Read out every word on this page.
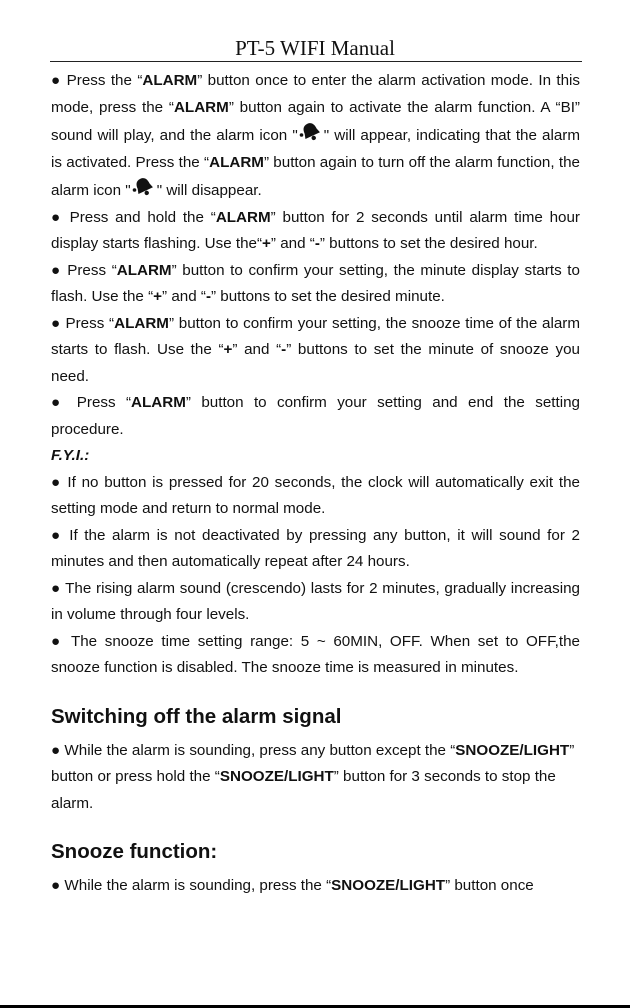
PT-5 WIFI Manual

● Press the “ALARM” button once to enter the alarm activation mode. In this mode, press the “ALARM” button again to activate the alarm function. A “BI” sound will play, and the alarm icon " " will appear, indicating that the alarm is activated. Press the “ALARM” button again to turn off the alarm function, the alarm icon " " will disappear.

● Press and hold the “ALARM” button for 2 seconds until alarm time hour display starts flashing. Use the“+” and “-” buttons to set the desired hour.

● Press “ALARM” button to confirm your setting, the minute display starts to flash. Use the “+” and “-” buttons to set the desired minute.

● Press “ALARM” button to confirm your setting, the snooze time of the alarm starts to flash. Use the “+” and “-” buttons to set the minute of snooze you need.

● Press “ALARM” button to confirm your setting and end the setting procedure.

F.Y.I.:

● If no button is pressed for 20 seconds, the clock will automatically exit the setting mode and return to normal mode.

● If the alarm is not deactivated by pressing any button, it will sound for 2 minutes and then automatically repeat after 24 hours.

● The rising alarm sound (crescendo) lasts for 2 minutes, gradually increasing in volume through four levels.

● The snooze time setting range: 5 ~ 60MIN, OFF. When set to OFF,the snooze function is disabled. The snooze time is measured in minutes.

Switching off the alarm signal

● While the alarm is sounding, press any button except the “SNOOZE/LIGHT” button or press hold the “SNOOZE/LIGHT” button for 3 seconds to stop the alarm.

Snooze function:

● While the alarm is sounding, press the “SNOOZE/LIGHT” button once
